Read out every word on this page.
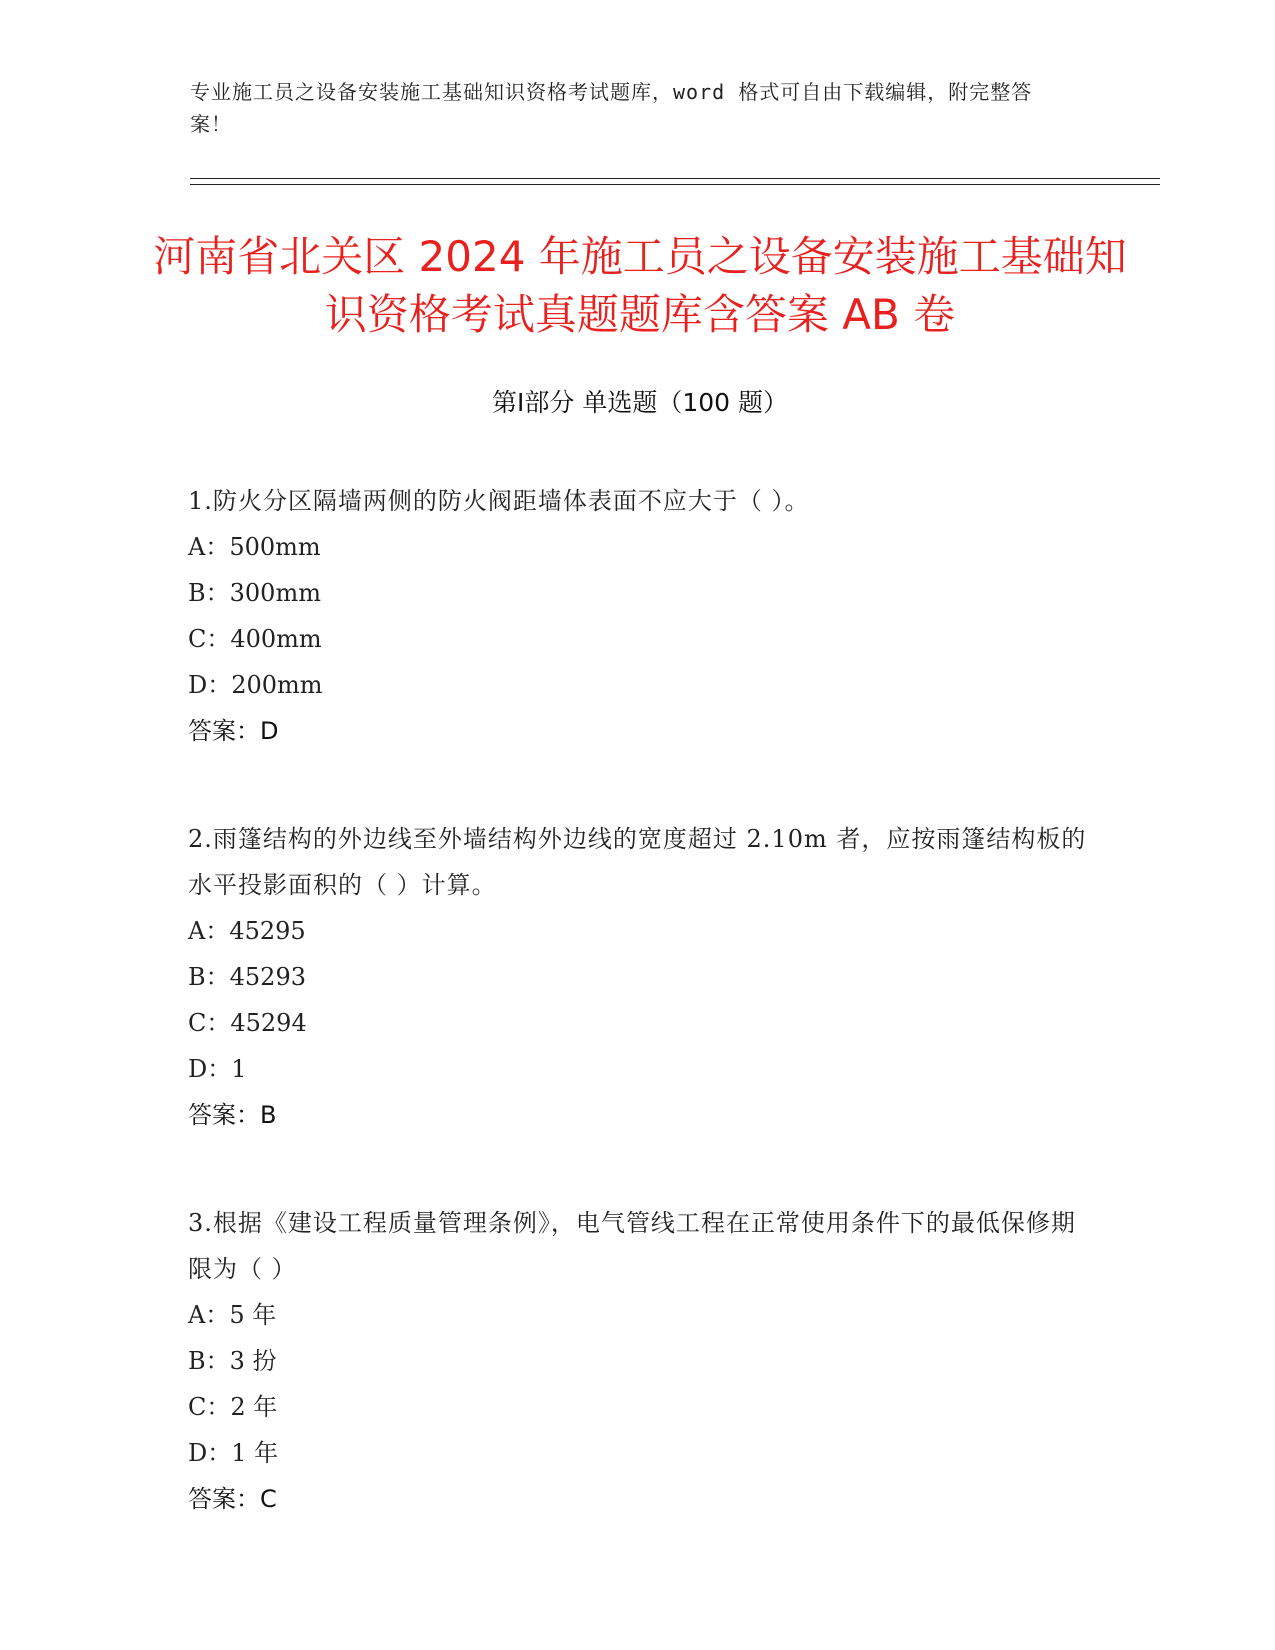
专业施工员之设备安装施工基础知识资格考试题库，word 格式可自由下载编辑，附完整答案！
河南省北关区 2024 年施工员之设备安装施工基础知识资格考试真题题库含答案 AB 卷
第Ⅰ部分 单选题（100 题）
1.防火分区隔墙两侧的防火阀距墙体表面不应大于（ ）。
A：500mm
B：300mm
C：400mm
D：200mm
答案：D
2.雨篷结构的外边线至外墙结构外边线的宽度超过 2.10m 者，应按雨篷结构板的水平投影面积的（ ）计算。
A：45295
B：45293
C：45294
D：1
答案：B
3.根据《建设工程质量管理条例》，电气管线工程在正常使用条件下的最低保修期限为（ ）
A：5 年
B：3 扮
C：2 年
D：1 年
答案：C
